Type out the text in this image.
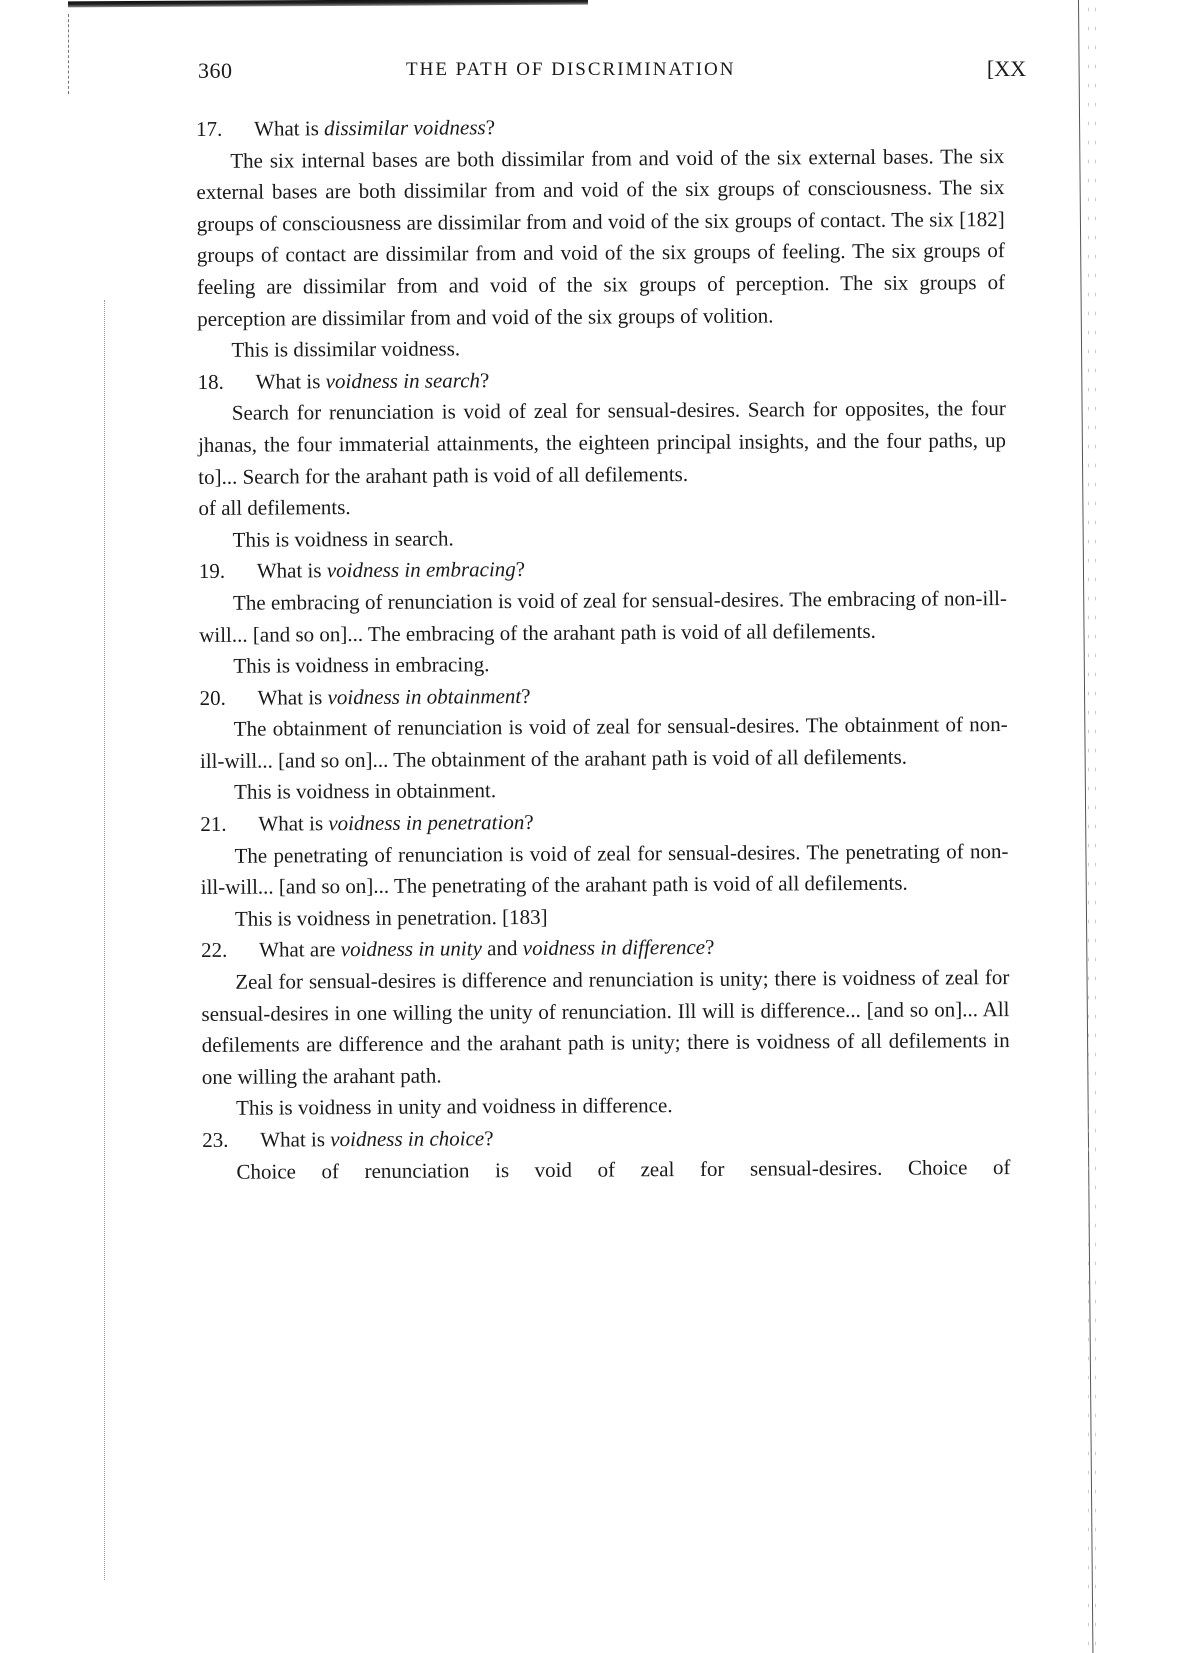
360	THE PATH OF DISCRIMINATION	[XX

17. What is dissimilar voidness?

The six internal bases are both dissimilar from and void of the six external bases. The six external bases are both dissimilar from and void of the six groups of consciousness. The six groups of consciousness are dissimilar from and void of the six groups of contact. The six [182] groups of contact are dissimilar from and void of the six groups of feeling. The six groups of feeling are dissimilar from and void of the six groups of perception. The six groups of perception are dissimilar from and void of the six groups of volition.

This is dissimilar voidness.

18. What is voidness in search?

Search for renunciation is void of zeal for sensual-desires. Search for opposites, the four jhanas, the four immaterial attainments, the eighteen principal insights, and the four paths, up to]... Search for the arahant path is void of all defilements.

of all defilements.

This is voidness in search.

19. What is voidness in embracing?

The embracing of renunciation is void of zeal for sensual-desires. The embracing of non-ill-will... [and so on]... The embracing of the arahant path is void of all defilements.

This is voidness in embracing.

20. What is voidness in obtainment?

The obtainment of renunciation is void of zeal for sensual-desires. The obtainment of non-ill-will... [and so on]... The obtainment of the arahant path is void of all defilements.

This is voidness in obtainment.

21. What is voidness in penetration?

The penetrating of renunciation is void of zeal for sensual-desires. The penetrating of non-ill-will... [and so on]... The penetrating of the arahant path is void of all defilements.

This is voidness in penetration. [183]

22. What are voidness in unity and voidness in difference?

Zeal for sensual-desires is difference and renunciation is unity; there is voidness of zeal for sensual-desires in one willing the unity of renunciation. Ill will is difference... [and so on]... All defilements are difference and the arahant path is unity; there is voidness of all defilements in one willing the arahant path.

This is voidness in unity and voidness in difference.

23. What is voidness in choice?

Choice of renunciation is void of zeal for sensual-desires. Choice of
